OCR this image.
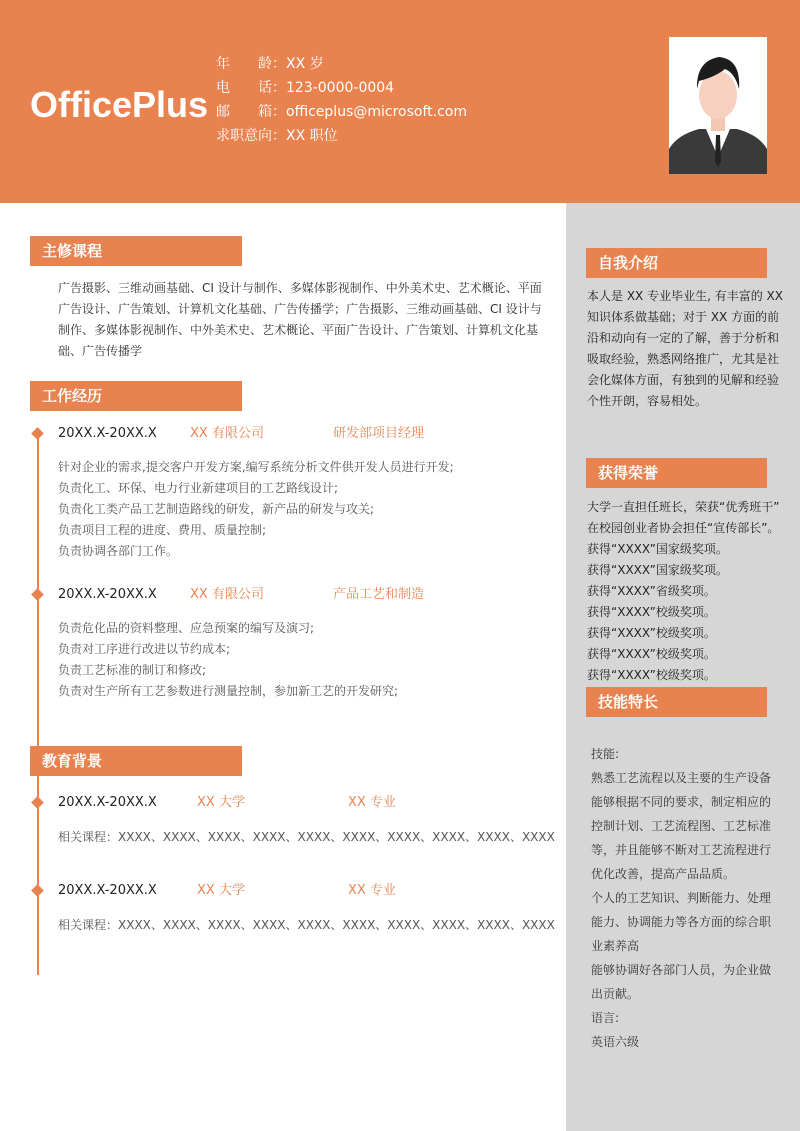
OfficePlus
年 龄： XX 岁
电 话： 123-0000-0004
邮 箱： officeplus@microsoft.com
求职意向： XX 职位
主修课程
广告摄影、三维动画基础、CI 设计与制作、多媒体影视制作、中外美术史、艺术概论、平面广告设计、广告策划、计算机文化基础、广告传播学；广告摄影、三维动画基础、CI 设计与制作、多媒体影视制作、中外美术史、艺术概论、平面广告设计、广告策划、计算机文化基础、广告传播学
工作经历
20XX.X-20XX.X	XX 有限公司	研发部项目经理
针对企业的需求,提交客户开发方案,编写系统分析文件供开发人员进行开发;
负责化工、环保、电力行业新建项目的工艺路线设计;
负责化工类产品工艺制造路线的研发，新产品的研发与攻关;
负责项目工程的进度、费用、质量控制;
负责协调各部门工作。
20XX.X-20XX.X	XX 有限公司	产品工艺和制造
负责危化品的资料整理、应急预案的编写及演习;
负责对工序进行改进以节约成本;
负责工艺标准的制订和修改;
负责对生产所有工艺参数进行测量控制，参加新工艺的开发研究;
教育背景
20XX.X-20XX.X	XX 大学	XX 专业
相关课程：XXXX、XXXX、XXXX、XXXX、XXXX、XXXX、XXXX、XXXX、XXXX、XXXX
20XX.X-20XX.X	XX 大学	XX 专业
相关课程：XXXX、XXXX、XXXX、XXXX、XXXX、XXXX、XXXX、XXXX、XXXX、XXXX
自我介绍
本人是 XX 专业毕业生, 有丰富的 XX
知识体系做基础；对于 XX 方面的前
沿和动向有一定的了解，善于分析和
吸取经验，熟悉网络推广，尤其是社
会化媒体方面，有独到的见解和经验
个性开朗，容易相处。
获得荣誉
大学一直担任班长，荣获“优秀班干”
在校园创业者协会担任“宣传部长”。
获得“XXXX”国家级奖项。
获得“XXXX”国家级奖项。
获得“XXXX”省级奖项。
获得“XXXX”校级奖项。
获得“XXXX”校级奖项。
获得“XXXX”校级奖项。
获得“XXXX”校级奖项。
技能特长
技能:
熟悉工艺流程以及主要的生产设备
能够根据不同的要求，制定相应的
控制计划、工艺流程图、工艺标准
等，并且能够不断对工艺流程进行
优化改善，提高产品品质。
个人的工艺知识、判断能力、处理
能力、协调能力等各方面的综合职
业素养高
能够协调好各部门人员，为企业做
出贡献。
语言:
英语六级
